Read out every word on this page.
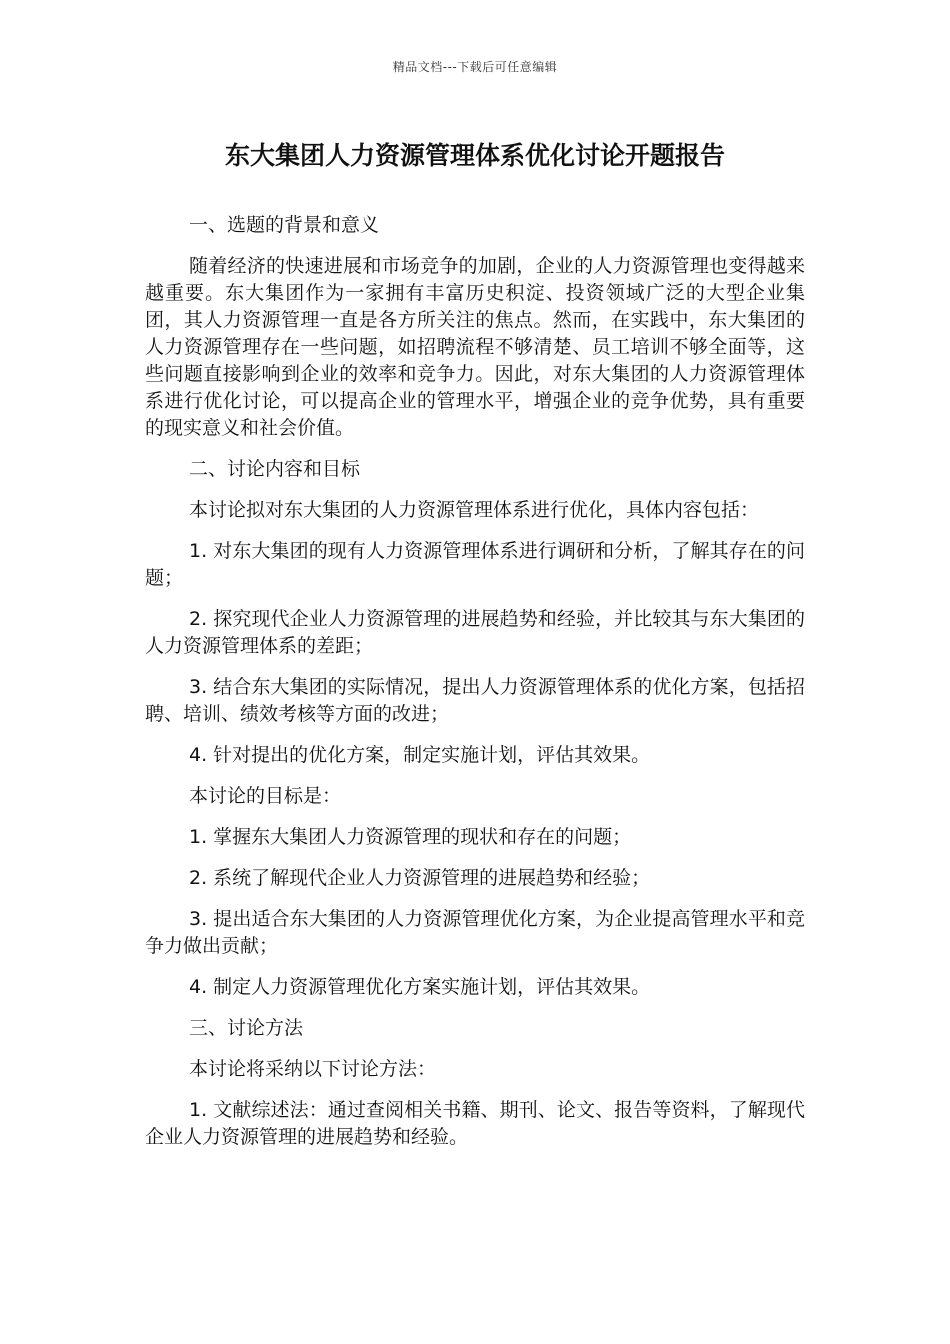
精品文档---下载后可任意编辑
东大集团人力资源管理体系优化讨论开题报告

一、选题的背景和意义

随着经济的快速进展和市场竞争的加剧，企业的人力资源管理也变得越来越重要。东大集团作为一家拥有丰富历史积淀、投资领域广泛的大型企业集团，其人力资源管理一直是各方所关注的焦点。然而，在实践中，东大集团的人力资源管理存在一些问题，如招聘流程不够清楚、员工培训不够全面等，这些问题直接影响到企业的效率和竞争力。因此，对东大集团的人力资源管理体系进行优化讨论，可以提高企业的管理水平，增强企业的竞争优势，具有重要的现实意义和社会价值。

二、讨论内容和目标

本讨论拟对东大集团的人力资源管理体系进行优化，具体内容包括：

1. 对东大集团的现有人力资源管理体系进行调研和分析，了解其存在的问题；

2. 探究现代企业人力资源管理的进展趋势和经验，并比较其与东大集团的人力资源管理体系的差距；

3. 结合东大集团的实际情况，提出人力资源管理体系的优化方案，包括招聘、培训、绩效考核等方面的改进；

4. 针对提出的优化方案，制定实施计划，评估其效果。

本讨论的目标是：

1. 掌握东大集团人力资源管理的现状和存在的问题；

2. 系统了解现代企业人力资源管理的进展趋势和经验；

3. 提出适合东大集团的人力资源管理优化方案，为企业提高管理水平和竞争力做出贡献；

4. 制定人力资源管理优化方案实施计划，评估其效果。

三、讨论方法

本讨论将采纳以下讨论方法：

1. 文献综述法：通过查阅相关书籍、期刊、论文、报告等资料，了解现代企业人力资源管理的进展趋势和经验。
